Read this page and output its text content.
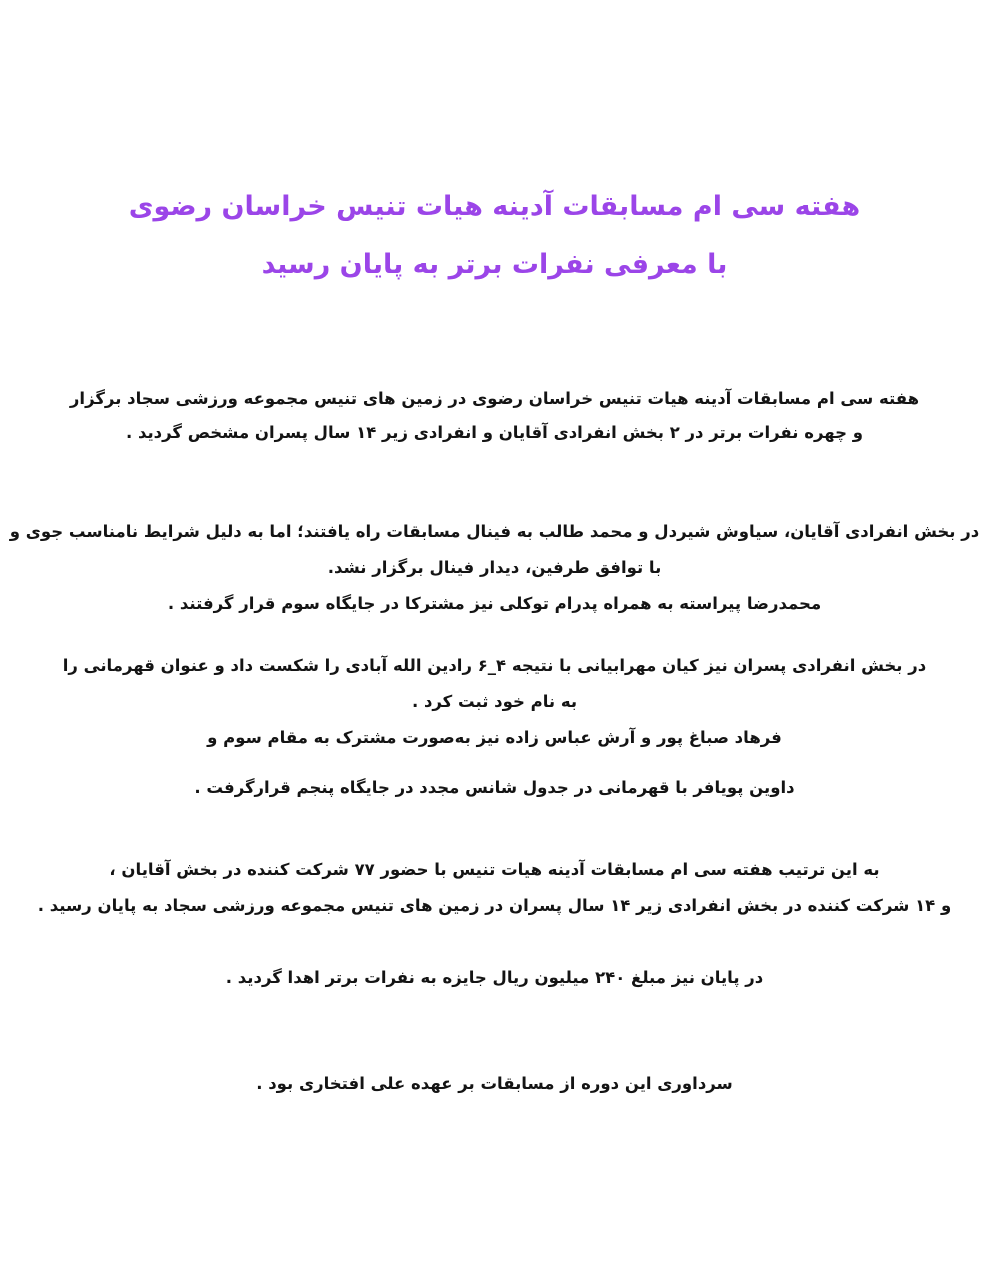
هفته سی ام مسابقات آدینه هیات تنیس خراسان رضوی
با معرفی نفرات برتر به پایان رسید
هفته سی ام مسابقات آدینه هیات تنیس خراسان رضوی در زمین های تنیس مجموعه ورزشی سجاد برگزار
و چهره نفرات برتر در ۲ بخش انفرادی آقایان و انفرادی زیر ۱۴ سال پسران مشخص گردید .
در بخش انفرادی آقایان، سیاوش شیردل و محمد طالب به فینال مسابقات راه یافتند؛ اما به دلیل شرایط نامناسب جوی و
با توافق طرفین، دیدار فینال برگزار نشد.
محمدرضا پیراسته به همراه پدرام توکلی نیز مشترکا در جایگاه سوم قرار گرفتند .
در بخش انفرادی پسران نیز کیان مهرابیانی با نتیجه ۴_۶ رادین الله آبادی را شکست داد و عنوان قهرمانی را
به نام خود ثبت کرد .
فرهاد صباغ پور و آرش عباس زاده نیز به‌صورت مشترک به مقام سوم و
داوین پویافر با قهرمانی در جدول شانس مجدد در جایگاه پنجم قرارگرفت .
به این ترتیب هفته سی ام مسابقات آدینه هیات تنیس با حضور ۷۷ شرکت کننده در بخش آقایان ،
و ۱۴ شرکت کننده در بخش انفرادی زیر ۱۴ سال پسران در زمین های تنیس مجموعه ورزشی سجاد به پایان رسید .
در پایان نیز مبلغ ۲۴۰ میلیون ریال جایزه به نفرات برتر اهدا گردید .
سرداوری این دوره از مسابقات بر عهده علی افتخاری بود .
